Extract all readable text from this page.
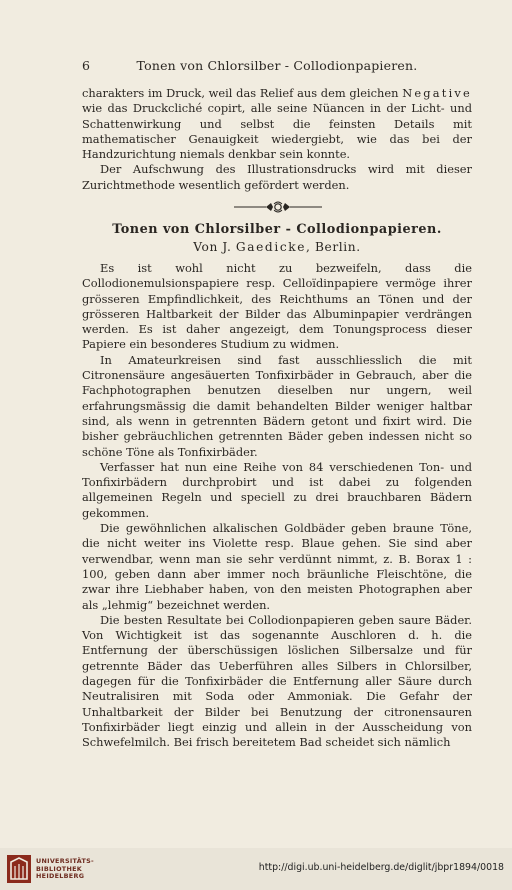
6	Tonen von Chlorsilber - Collodionpapieren.

charakters im Druck, weil das Relief aus dem gleichen Negative wie das Druckcliché copirt, alle seine Nüancen in der Licht- und Schattenwirkung und selbst die feinsten Details mit mathematischer Genauigkeit wiedergiebt, wie das bei der Handzurichtung niemals denkbar sein konnte.

Der Aufschwung des Illustrationsdrucks wird mit dieser Zurichtmethode wesentlich gefördert werden.

Tonen von Chlorsilber - Collodionpapieren.
Von J. Gaedicke, Berlin.

Es ist wohl nicht zu bezweifeln, dass die Collodionemulsionspapiere resp. Celloïdinpapiere vermöge ihrer grösseren Empfindlichkeit, des Reichthums an Tönen und der grösseren Haltbarkeit der Bilder das Albuminpapier verdrängen werden. Es ist daher angezeigt, dem Tonungsprocess dieser Papiere ein besonderes Studium zu widmen.

In Amateurkreisen sind fast ausschliesslich die mit Citronensäure angesäuerten Tonfixirbäder in Gebrauch, aber die Fachphotographen benutzen dieselben nur ungern, weil erfahrungsmässig die damit behandelten Bilder weniger haltbar sind, als wenn in getrennten Bädern getont und fixirt wird. Die bisher gebräuchlichen getrennten Bäder geben indessen nicht so schöne Töne als Tonfixirbäder.

Verfasser hat nun eine Reihe von 84 verschiedenen Ton- und Tonfixirbädern durchprobirt und ist dabei zu folgenden allgemeinen Regeln und speciell zu drei brauchbaren Bädern gekommen.

Die gewöhnlichen alkalischen Goldbäder geben braune Töne, die nicht weiter ins Violette resp. Blaue gehen. Sie sind aber verwendbar, wenn man sie sehr verdünnt nimmt, z. B. Borax 1 : 100, geben dann aber immer noch bräunliche Fleischtöne, die zwar ihre Liebhaber haben, von den meisten Photographen aber als „lehmig“ bezeichnet werden.

Die besten Resultate bei Collodionpapieren geben saure Bäder. Von Wichtigkeit ist das sogenannte Auschloren d. h. die Entfernung der überschüssigen löslichen Silbersalze und für getrennte Bäder das Ueberführen alles Silbers in Chlorsilber, dagegen für die Tonfixirbäder die Entfernung aller Säure durch Neutralisiren mit Soda oder Ammoniak. Die Gefahr der Unhaltbarkeit der Bilder bei Benutzung der citronensauren Tonfixirbäder liegt einzig und allein in der Ausscheidung von Schwefelmilch. Bei frisch bereitetem Bad scheidet sich nämlich

UNIVERSITÄTS-
BIBLIOTHEK
HEIDELBERG
http://digi.ub.uni-heidelberg.de/diglit/jbpr1894/0018
